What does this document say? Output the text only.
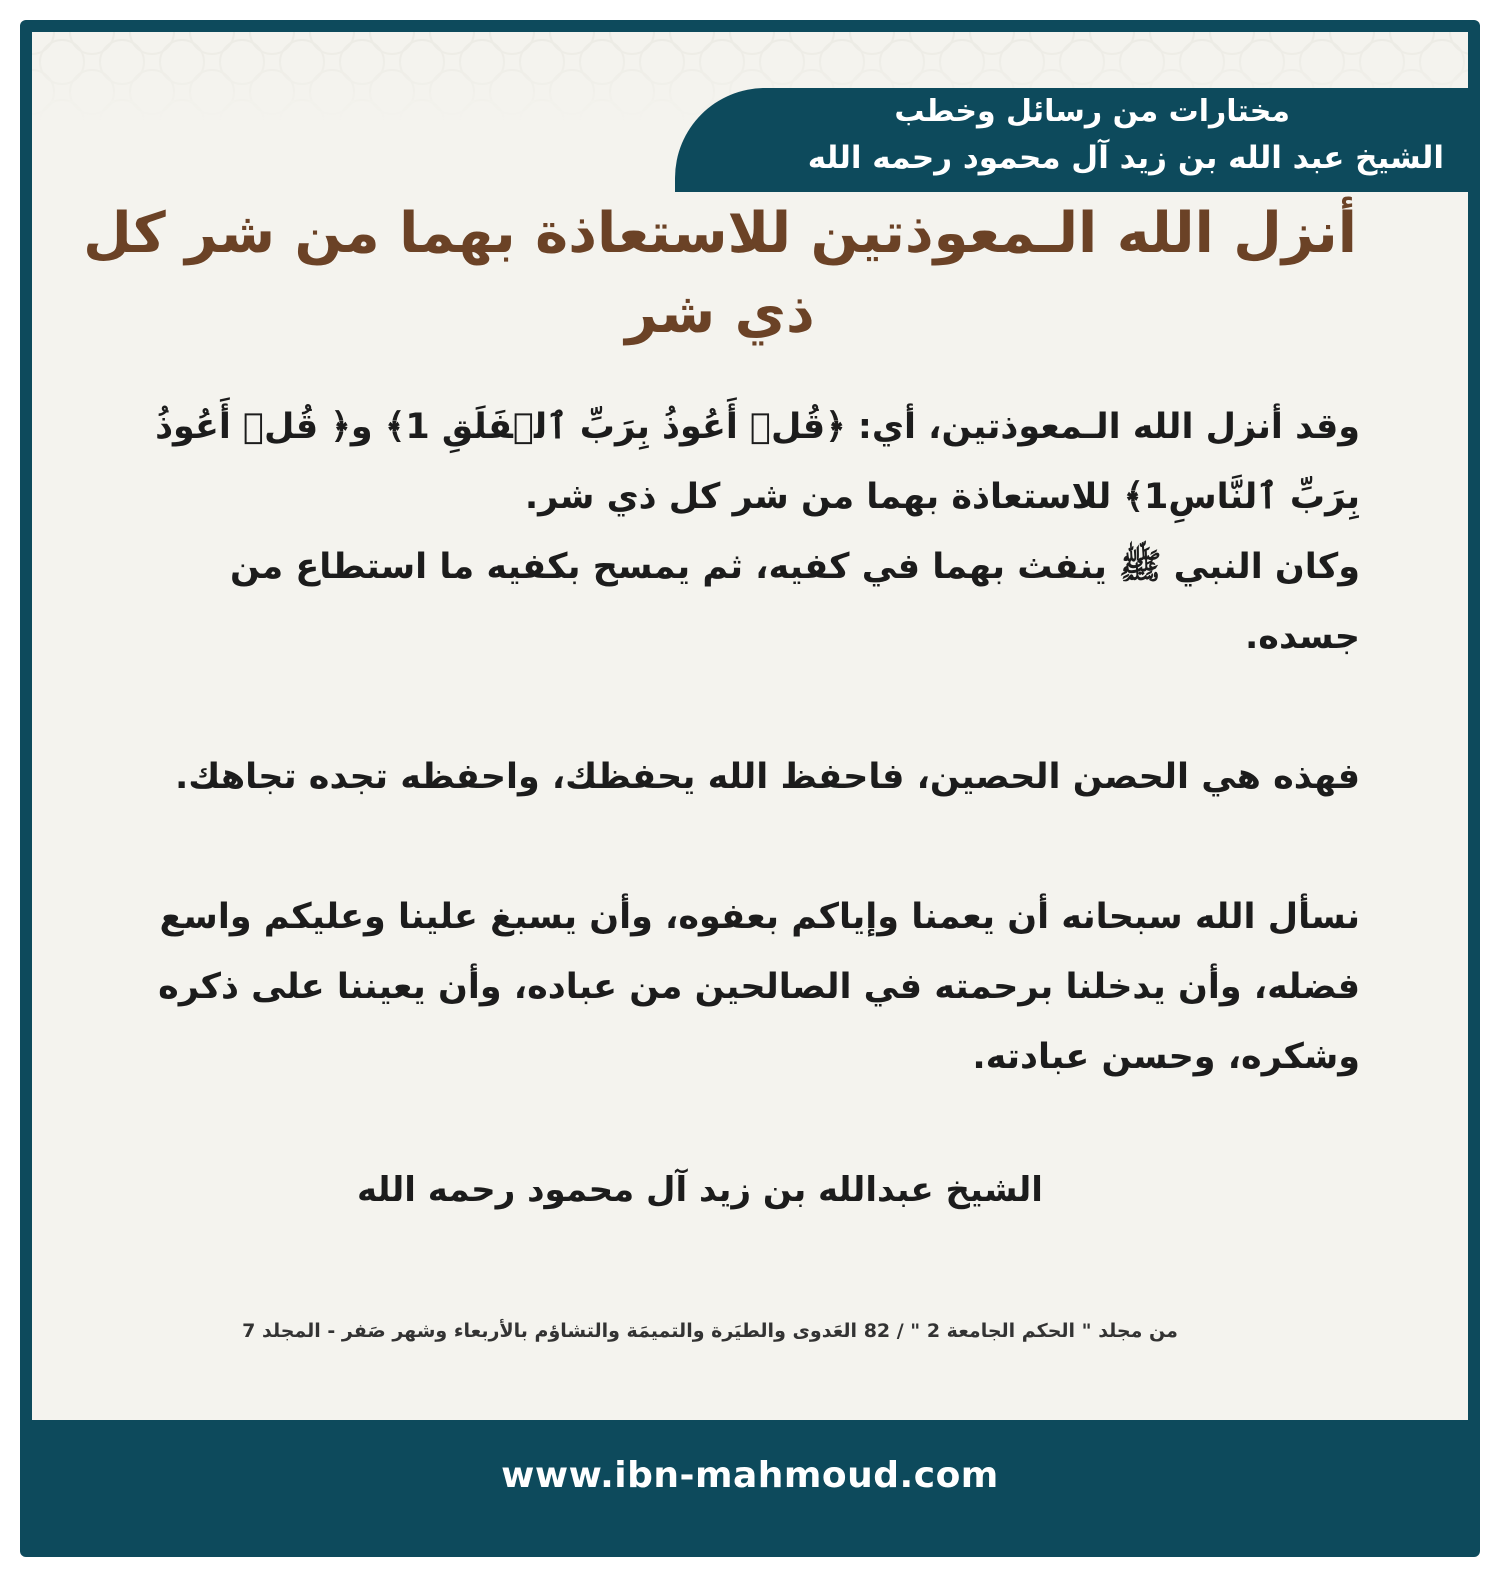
مختارات من رسائل وخطب
الشيخ عبد الله بن زيد آل محمود رحمه الله
أنزل الله الـمعوذتين للاستعاذة بهما من شر كل ذي شر

وقد أنزل الله الـمعوذتين، أي: ﴿قُلۡ أَعُوذُ بِرَبِّ ٱلۡفَلَقِ 1﴾ و﴿ قُلۡ أَعُوذُ بِرَبِّ ٱلنَّاسِ1﴾ للاستعاذة بهما من شر كل ذي شر.

وكان النبي ﷺ ينفث بهما في كفيه، ثم يمسح بكفيه ما استطاع من جسده.

فهذه هي الحصن الحصين، فاحفظ الله يحفظك، واحفظه تجده تجاهك.

نسأل الله سبحانه أن يعمنا وإياكم بعفوه، وأن يسبغ علينا وعليكم واسع فضله، وأن يدخلنا برحمته في الصالحين من عباده، وأن يعيننا على ذكره وشكره، وحسن عبادته.

الشيخ عبدالله بن زيد آل محمود رحمه الله
من مجلد " الحكم الجامعة 2 " / 82 العَدوى والطيَرة والتميمَة والتشاؤم بالأربعاء وشهر صَفر - المجلد 7
www.ibn-mahmoud.com
